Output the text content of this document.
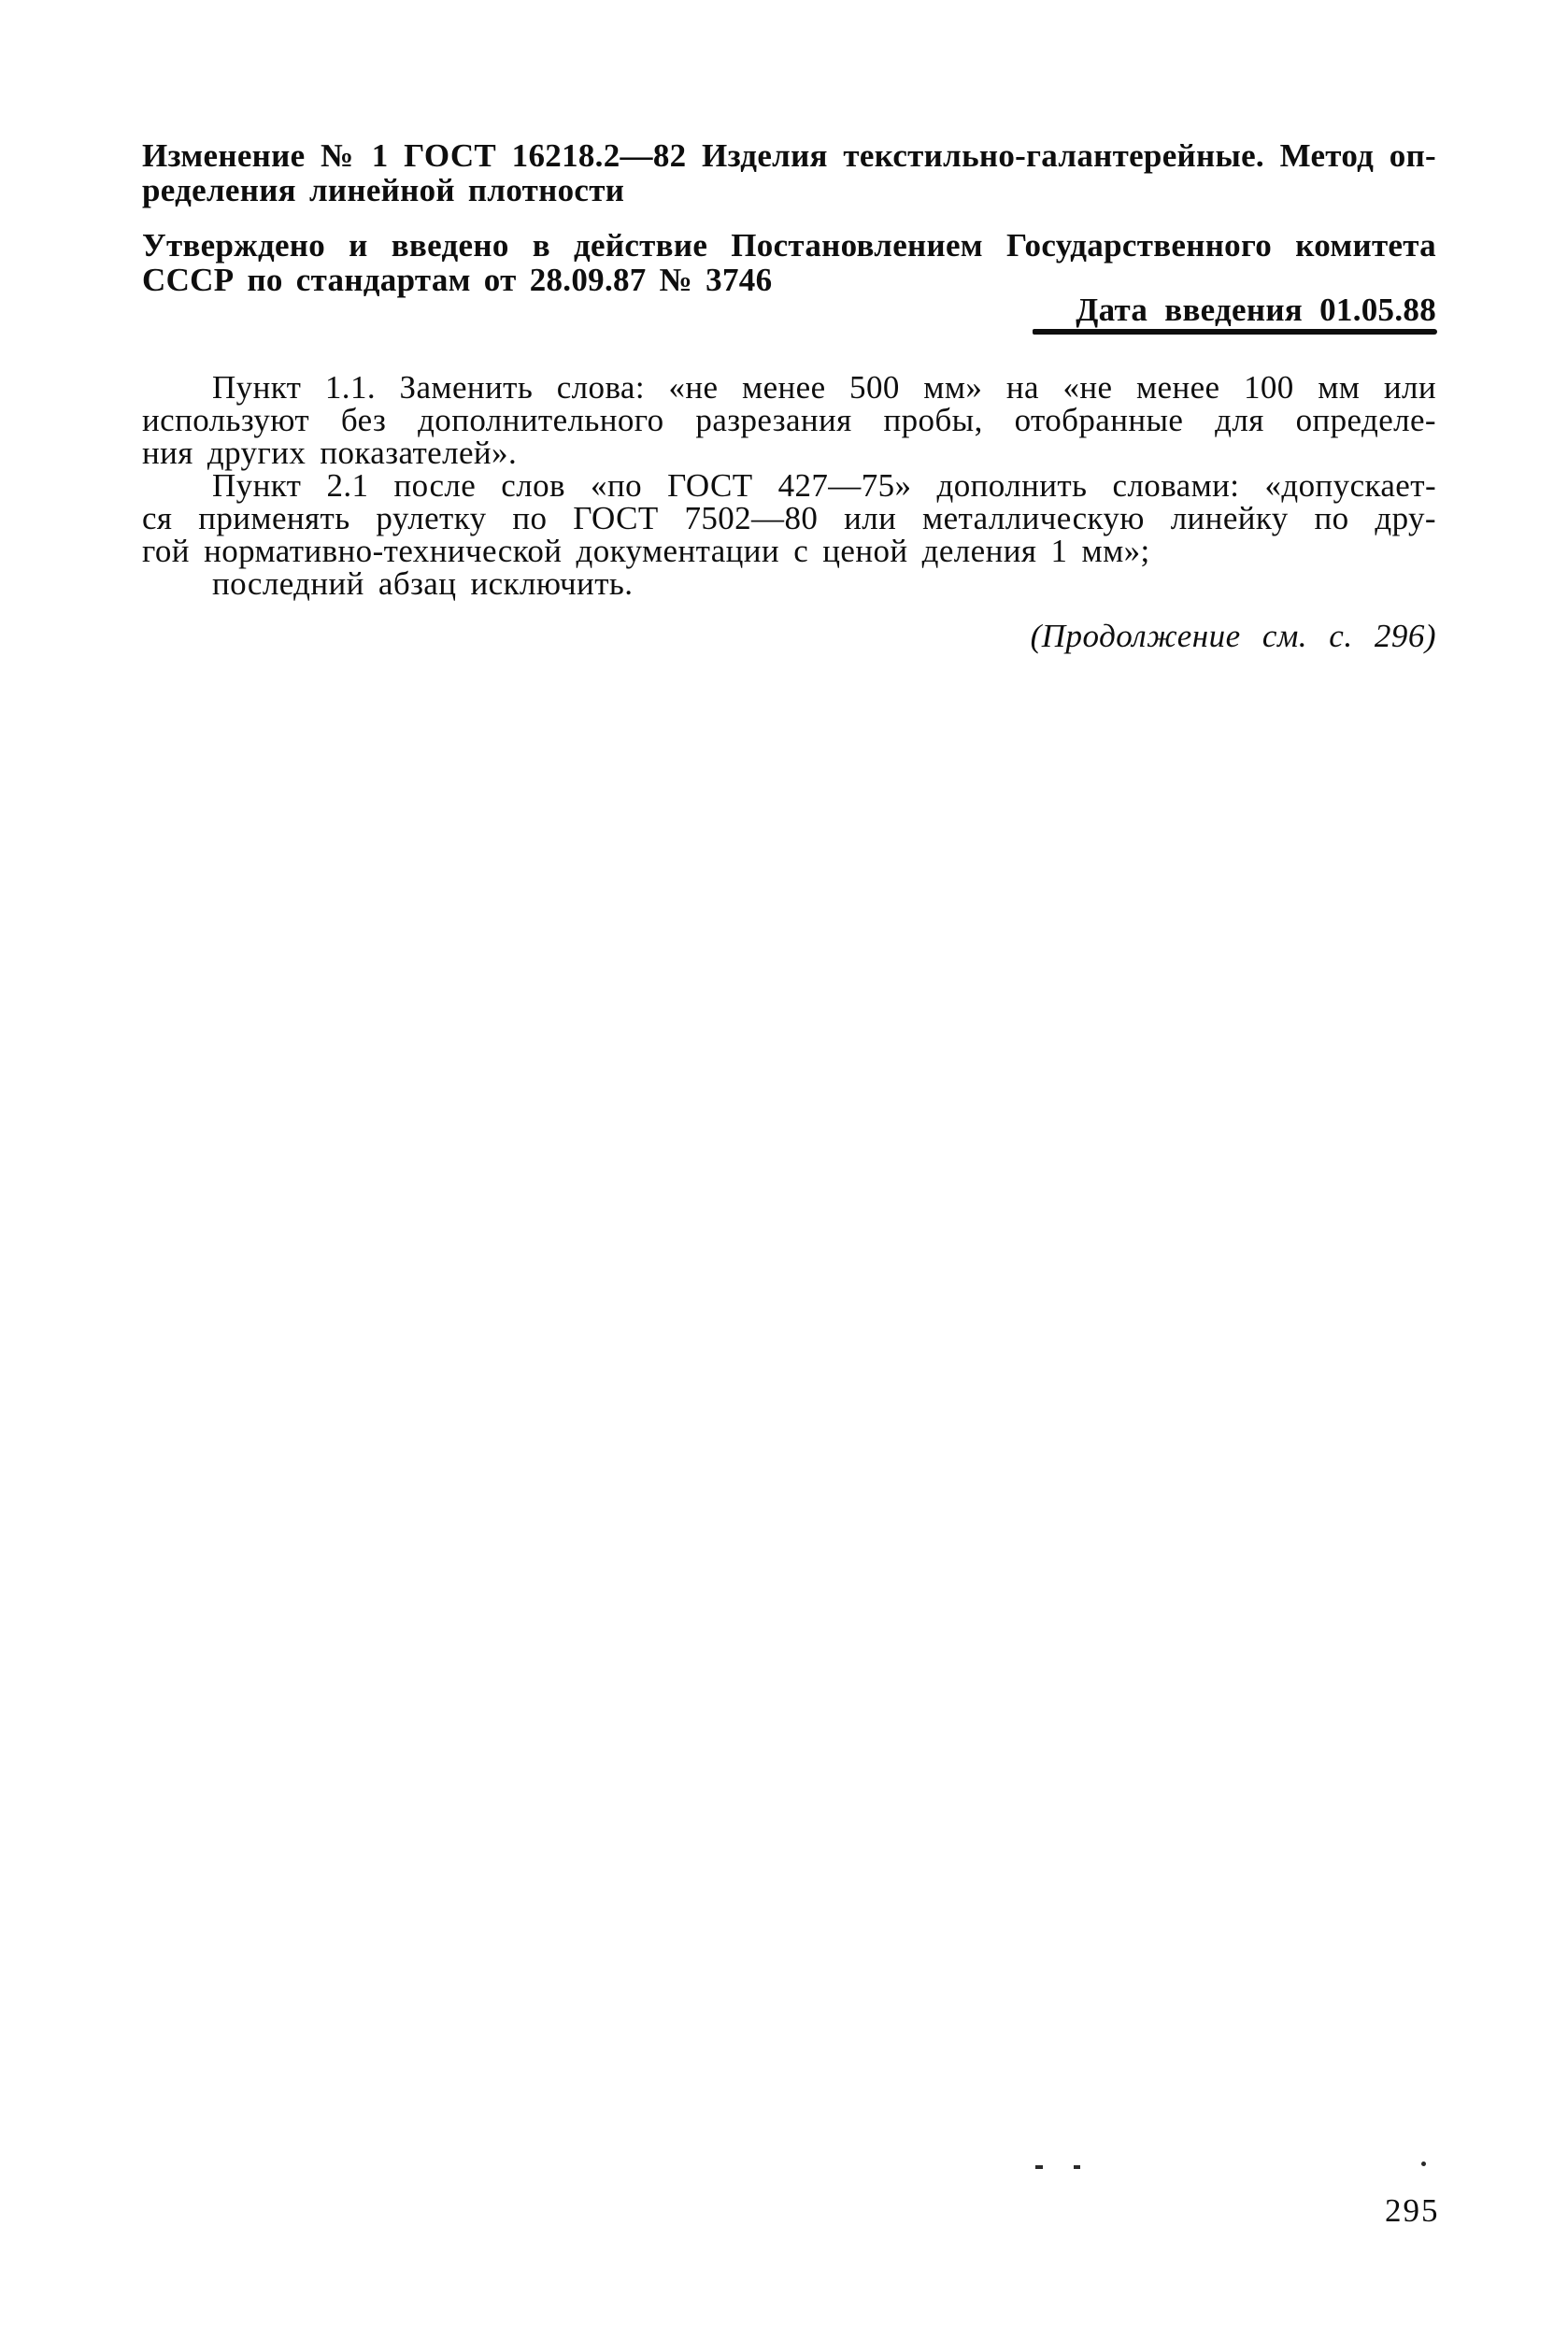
Изменение № 1 ГОСТ 16218.2—82 Изделия текстильно-галантерейные. Метод оп-
ределения линейной плотности
Утверждено и введено в действие Постановлением Государственного комитета
СССР по стандартам от 28.09.87 № 3746
Дата введения 01.05.88
Пункт 1.1. Заменить слова: «не менее 500 мм» на «не менее 100 мм или
используют без дополнительного разрезания пробы, отобранные для определе-
ния других показателей».
Пункт 2.1 после слов «по ГОСТ 427—75» дополнить словами: «допускает-
ся применять рулетку по ГОСТ 7502—80 или металлическую линейку по дру-
гой нормативно-технической документации с ценой деления 1 мм»;
последний абзац исключить.
(Продолжение см. с. 296)
295
